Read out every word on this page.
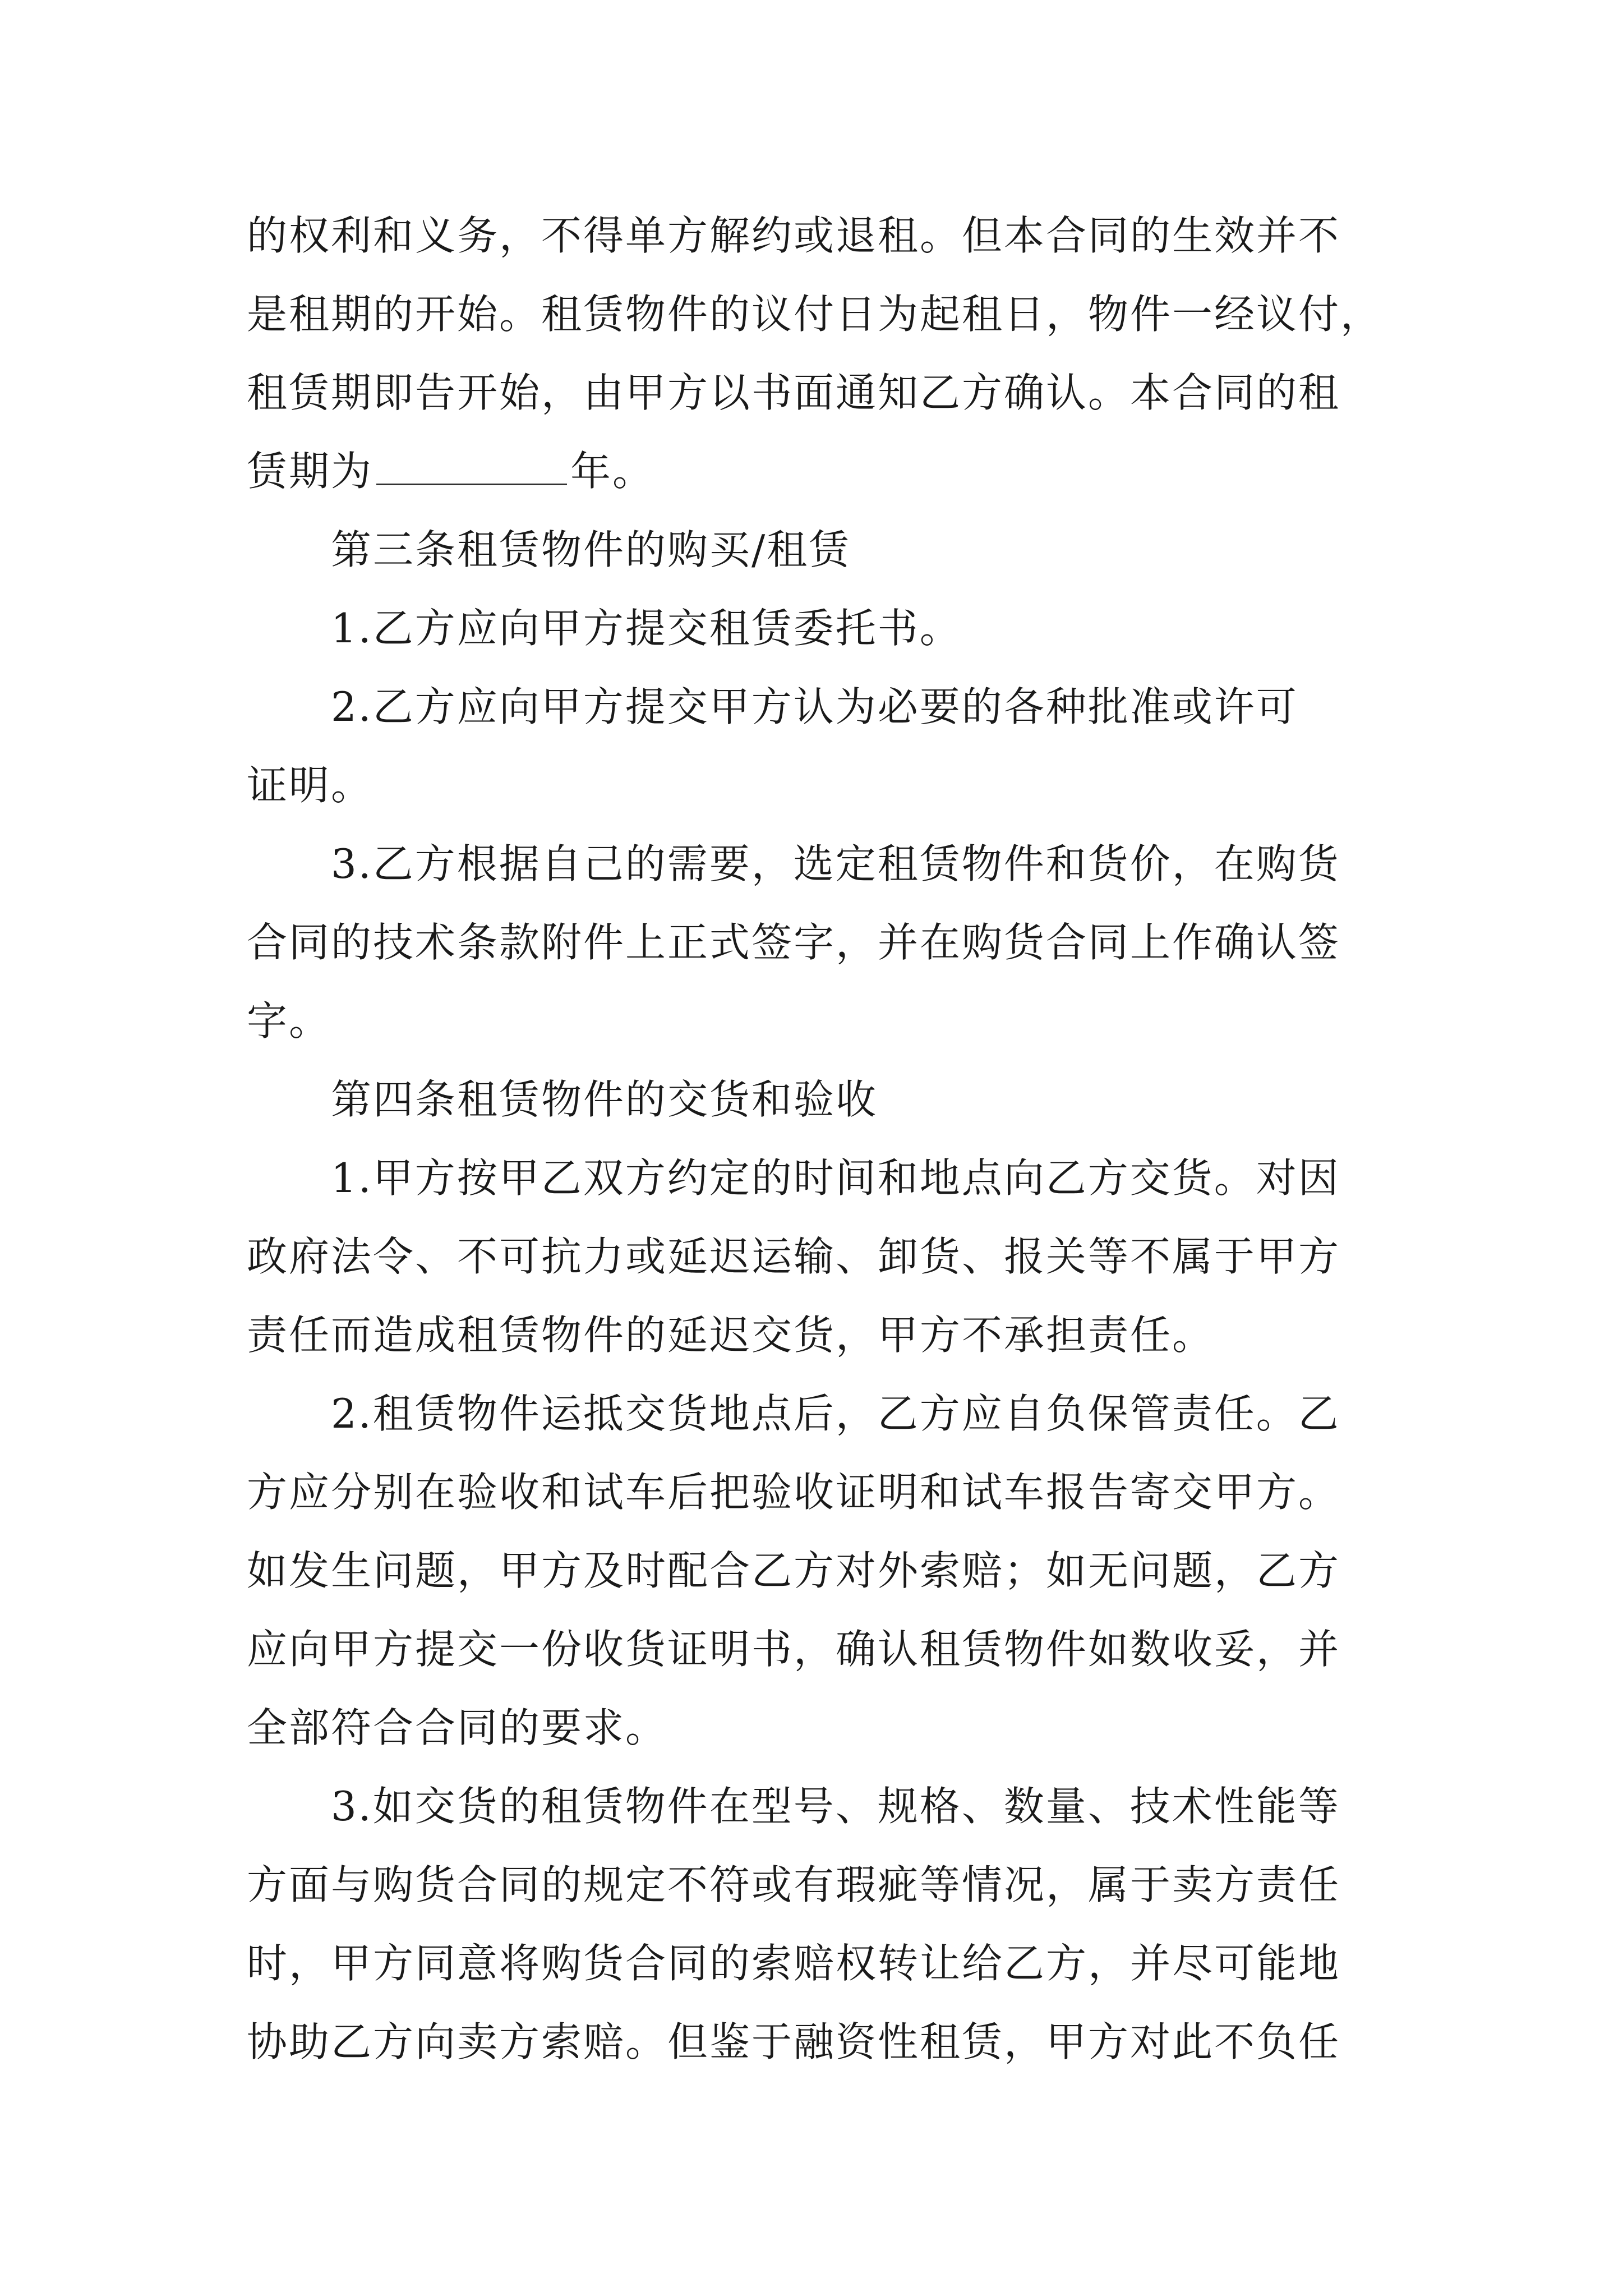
的权利和义务，不得单方解约或退租。但本合同的生效并不

是租期的开始。租赁物件的议付日为起租日，物件一经议付，

租赁期即告开始，由甲方以书面通知乙方确认。本合同的租

赁期为	年。

第三条租赁物件的购买/租赁

1.乙方应向甲方提交租赁委托书。

2.乙方应向甲方提交甲方认为必要的各种批准或许可

证明。

3.乙方根据自己的需要，选定租赁物件和货价，在购货

合同的技术条款附件上正式签字，并在购货合同上作确认签

字。

第四条租赁物件的交货和验收

1.甲方按甲乙双方约定的时间和地点向乙方交货。对因

政府法令、不可抗力或延迟运输、卸货、报关等不属于甲方

责任而造成租赁物件的延迟交货，甲方不承担责任。

2.租赁物件运抵交货地点后，乙方应自负保管责任。乙

方应分别在验收和试车后把验收证明和试车报告寄交甲方。

如发生问题，甲方及时配合乙方对外索赔；如无问题，乙方

应向甲方提交一份收货证明书，确认租赁物件如数收妥，并

全部符合合同的要求。

3.如交货的租赁物件在型号、规格、数量、技术性能等

方面与购货合同的规定不符或有瑕疵等情况，属于卖方责任

时，甲方同意将购货合同的索赔权转让给乙方，并尽可能地

协助乙方向卖方索赔。但鉴于融资性租赁，甲方对此不负任
